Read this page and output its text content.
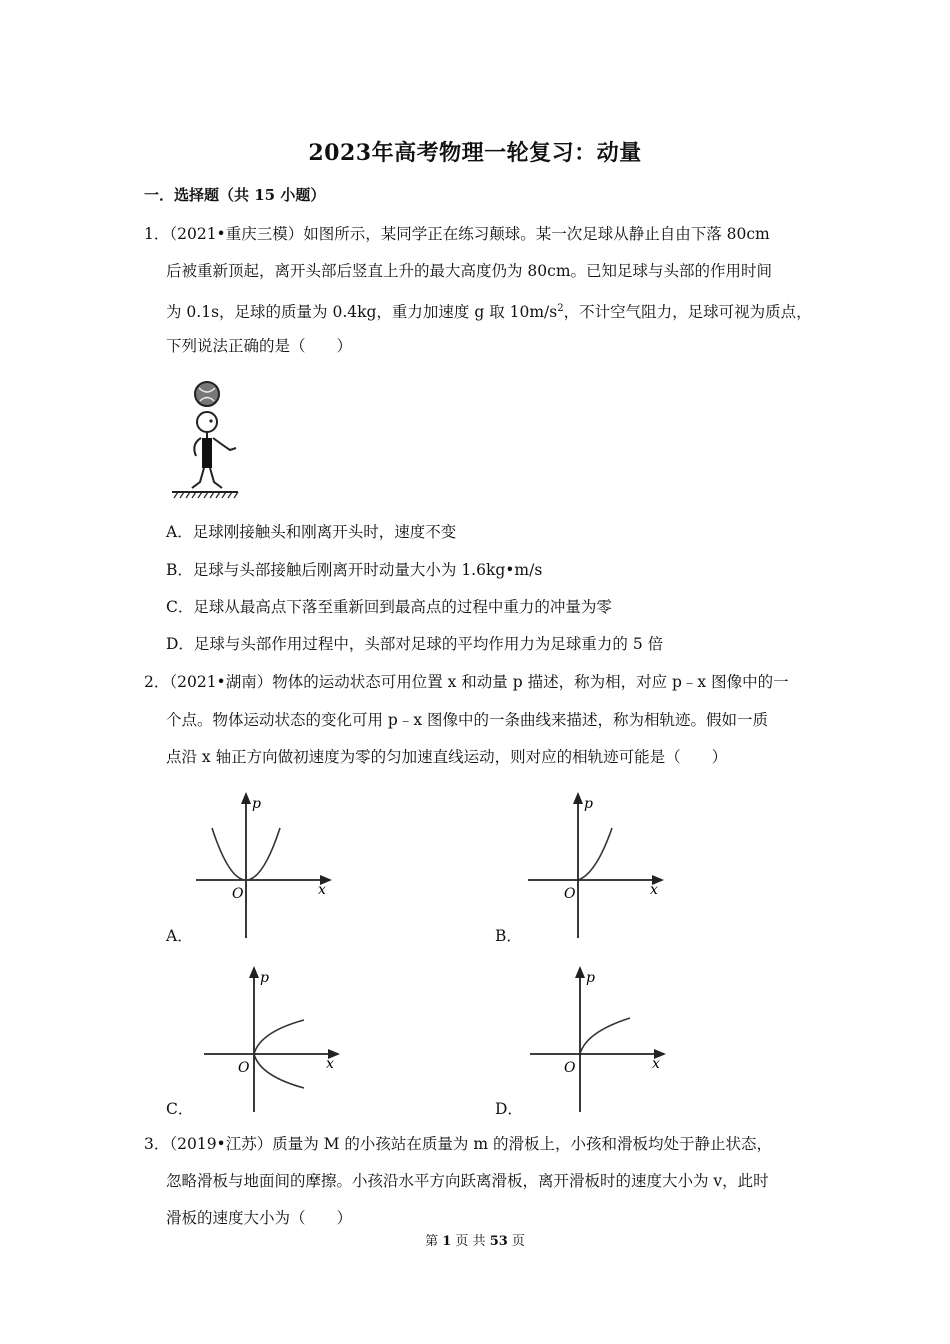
2023年高考物理一轮复习：动量
一．选择题（共 15 小题）
1．（2021•重庆三模）如图所示，某同学正在练习颠球。某一次足球从静止自由下落 80cm
后被重新顶起，离开头部后竖直上升的最大高度仍为 80cm。已知足球与头部的作用时间
为 0.1s，足球的质量为 0.4kg，重力加速度 g 取 $10m/s^2$，不计空气阻力，足球可视为质点，
下列说法正确的是（　　）
A．足球刚接触头和刚离开头时，速度不变
B．足球与头部接触后刚离开时动量大小为 1.6kg•m/s
C．足球从最高点下落至重新回到最高点的过程中重力的冲量为零
D．足球与头部作用过程中，头部对足球的平均作用力为足球重力的 5 倍
2．（2021•湖南）物体的运动状态可用位置 x 和动量 p 描述，称为相，对应 p﹣x 图像中的一
个点。物体运动状态的变化可用 p﹣x 图像中的一条曲线来描述，称为相轨迹。假如一质
点沿 x 轴正方向做初速度为零的匀加速直线运动，则对应的相轨迹可能是（　　）
p
x
O
A．
p
x
O
B．
p
x
O
C．
p
x
O
D．
3．（2019•江苏）质量为 M 的小孩站在质量为 m 的滑板上，小孩和滑板均处于静止状态，
忽略滑板与地面间的摩擦。小孩沿水平方向跃离滑板，离开滑板时的速度大小为 v，此时
滑板的速度大小为（　　）
第 1 页 共 53 页
